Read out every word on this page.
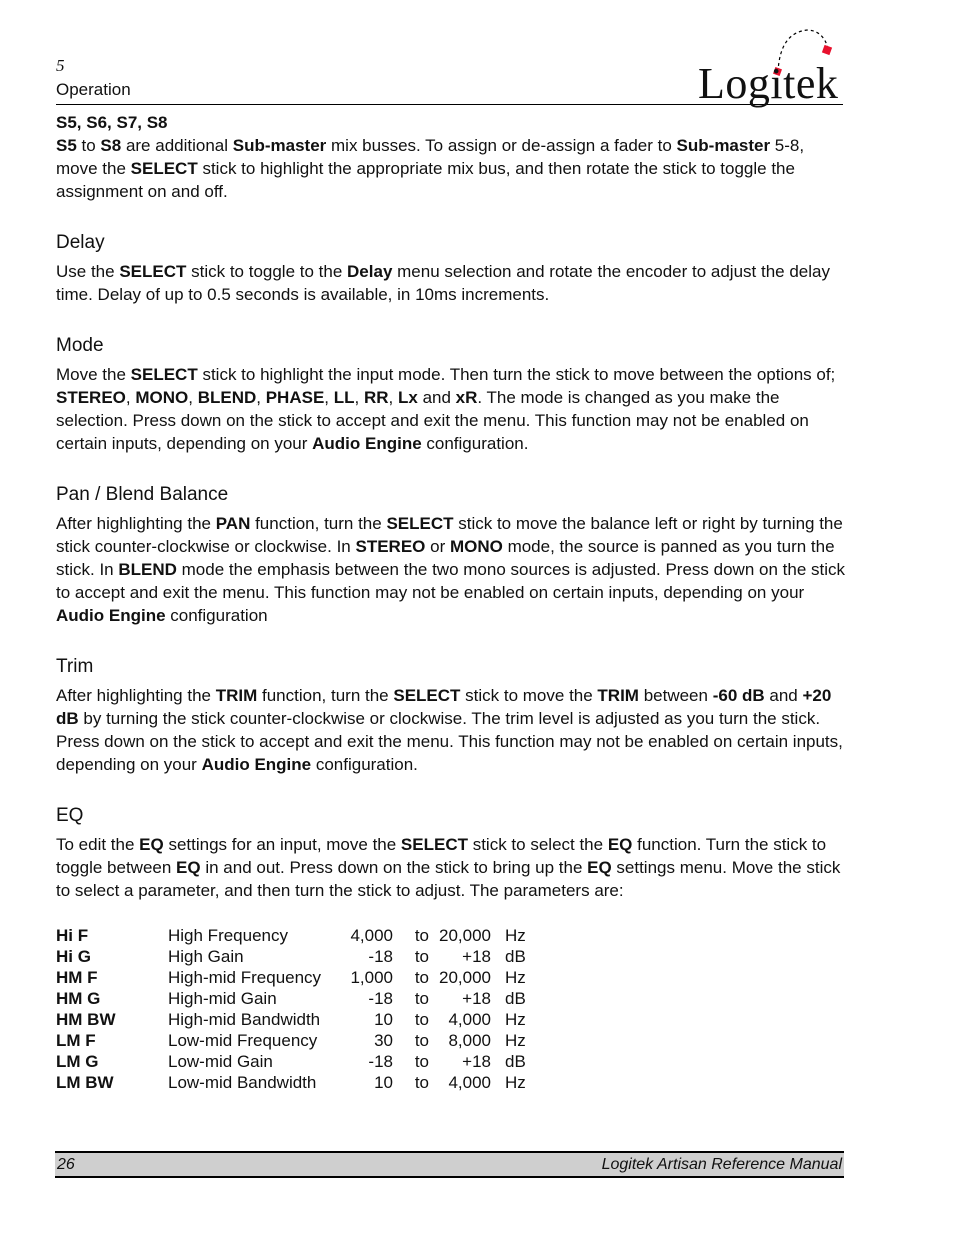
5
Operation	Logitek

S5, S6, S7, S8

S5 to S8 are additional Sub-master mix busses. To assign or de-assign a fader to Sub-master 5-8, move the SELECT stick to highlight the appropriate mix bus, and then rotate the stick to toggle the assignment on and off.

Delay

Use the SELECT stick to toggle to the Delay menu selection and rotate the encoder to adjust the delay time. Delay of up to 0.5 seconds is available, in 10ms increments.

Mode

Move the SELECT stick to highlight the input mode. Then turn the stick to move between the options of; STEREO, MONO, BLEND, PHASE, LL, RR, Lx and xR. The mode is changed as you make the selection. Press down on the stick to accept and exit the menu. This function may not be enabled on certain inputs, depending on your Audio Engine configuration.

Pan / Blend Balance

After highlighting the PAN function, turn the SELECT stick to move the balance left or right by turning the stick counter-clockwise or clockwise. In STEREO or MONO mode, the source is panned as you turn the stick. In BLEND mode the emphasis between the two mono sources is adjusted. Press down on the stick to accept and exit the menu. This function may not be enabled on certain inputs, depending on your Audio Engine configuration

Trim

After highlighting the TRIM function, turn the SELECT stick to move the TRIM between -60 dB and +20 dB by turning the stick counter-clockwise or clockwise. The trim level is adjusted as you turn the stick. Press down on the stick to accept and exit the menu. This function may not be enabled on certain inputs, depending on your Audio Engine configuration.

EQ

To edit the EQ settings for an input, move the SELECT stick to select the EQ function. Turn the stick to toggle between EQ in and out. Press down on the stick to bring up the EQ settings menu. Move the stick to select a parameter, and then turn the stick to adjust. The parameters are:

Hi F	High Frequency	4,000	to	20,000	Hz
Hi G	High Gain	-18	to	+18	dB
HM F	High-mid Frequency	1,000	to	20,000	Hz
HM G	High-mid Gain	-18	to	+18	dB
HM BW	High-mid Bandwidth	10	to	4,000	Hz
LM F	Low-mid Frequency	30	to	8,000	Hz
LM G	Low-mid Gain	-18	to	+18	dB
LM BW	Low-mid Bandwidth	10	to	4,000	Hz
26	Logitek Artisan Reference Manual
